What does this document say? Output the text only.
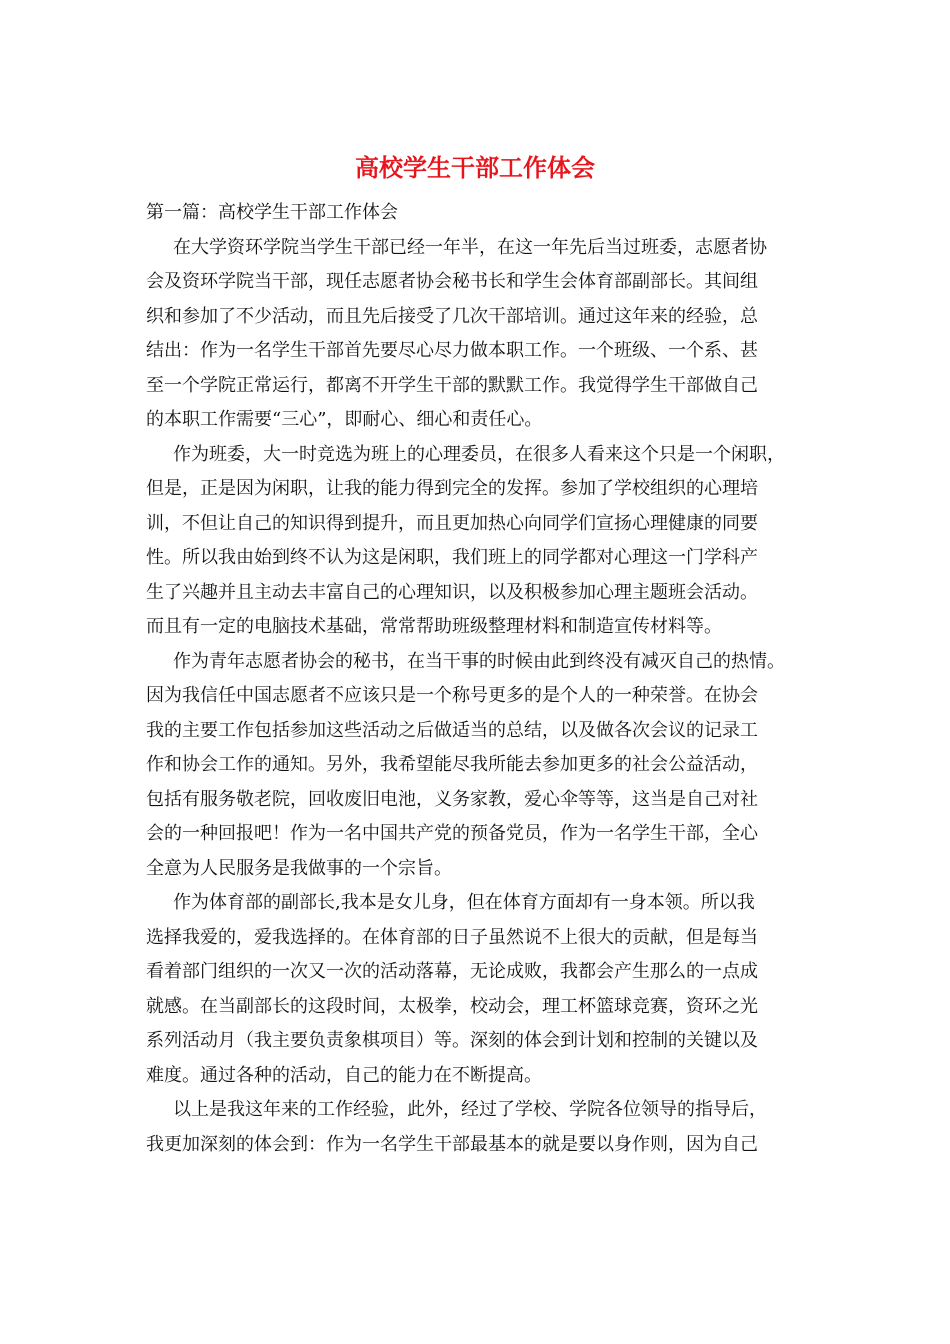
高校学生干部工作体会
第一篇：高校学生干部工作体会
在大学资环学院当学生干部已经一年半，在这一年先后当过班委，志愿者协
会及资环学院当干部，现任志愿者协会秘书长和学生会体育部副部长。其间组
织和参加了不少活动，而且先后接受了几次干部培训。通过这年来的经验，总
结出：作为一名学生干部首先要尽心尽力做本职工作。一个班级、一个系、甚
至一个学院正常运行，都离不开学生干部的默默工作。我觉得学生干部做自己
的本职工作需要“三心”，即耐心、细心和责任心。
作为班委，大一时竞选为班上的心理委员，在很多人看来这个只是一个闲职，
但是，正是因为闲职，让我的能力得到完全的发挥。参加了学校组织的心理培
训，不但让自己的知识得到提升，而且更加热心向同学们宣扬心理健康的同要
性。所以我由始到终不认为这是闲职，我们班上的同学都对心理这一门学科产
生了兴趣并且主动去丰富自己的心理知识，以及积极参加心理主题班会活动。
而且有一定的电脑技术基础，常常帮助班级整理材料和制造宣传材料等。
作为青年志愿者协会的秘书，在当干事的时候由此到终没有减灭自己的热情。
因为我信任中国志愿者不应该只是一个称号更多的是个人的一种荣誉。在协会
我的主要工作包括参加这些活动之后做适当的总结，以及做各次会议的记录工
作和协会工作的通知。另外，我希望能尽我所能去参加更多的社会公益活动，
包括有服务敬老院，回收废旧电池，义务家教，爱心伞等等，这当是自己对社
会的一种回报吧！作为一名中国共产党的预备党员，作为一名学生干部，全心
全意为人民服务是我做事的一个宗旨。
作为体育部的副部长,我本是女儿身，但在体育方面却有一身本领。所以我
选择我爱的，爱我选择的。在体育部的日子虽然说不上很大的贡献，但是每当
看着部门组织的一次又一次的活动落幕，无论成败，我都会产生那么的一点成
就感。在当副部长的这段时间，太极拳，校动会，理工杯篮球竞赛，资环之光
系列活动月（我主要负责象棋项目）等。深刻的体会到计划和控制的关键以及
难度。通过各种的活动，自己的能力在不断提高。
以上是我这年来的工作经验，此外，经过了学校、学院各位领导的指导后，
我更加深刻的体会到：作为一名学生干部最基本的就是要以身作则，因为自己
